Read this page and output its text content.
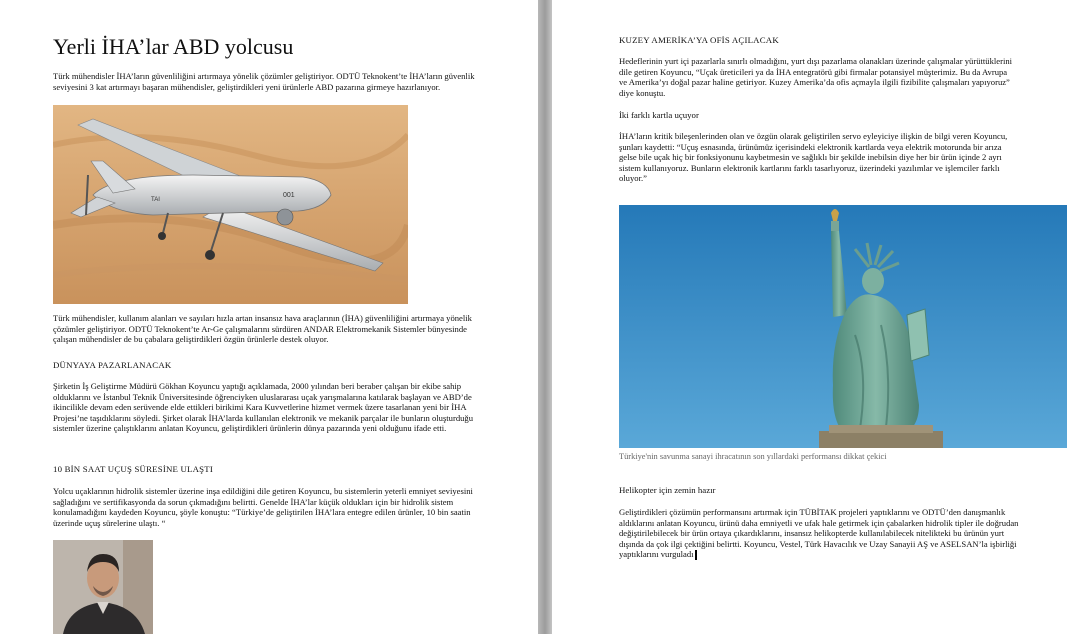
Yerli İHA’lar ABD yolcusu

Türk mühendisler İHA’ların güvenliliğini artırmaya yönelik çözümler geliştiriyor. ODTÜ Teknokent’te İHA’ların güvenlik seviyesini 3 kat artırmayı başaran mühendisler, geliştirdikleri yeni ürünlerle ABD pazarına girmeye hazırlanıyor.

001
TAI

Türk mühendisler, kullanım alanları ve sayıları hızla artan insansız hava araçlarının (İHA) güvenliliğini artırmaya yönelik çözümler geliştiriyor. ODTÜ Teknokent’te Ar-Ge çalışmalarını sürdüren ANDAR Elektromekanik Sistemler bünyesinde çalışan mühendisler de bu çabalara geliştirdikleri özgün ürünlerle destek oluyor.

DÜNYAYA PAZARLANACAK

Şirketin İş Geliştirme Müdürü Gökhan Koyuncu yaptığı açıklamada, 2000 yılından beri beraber çalışan bir ekibe sahip olduklarını ve İstanbul Teknik Üniversitesinde öğrenciyken uluslararası uçak yarışmalarına katılarak başlayan ve ABD’de ikincilikle devam eden serüvende elde ettikleri birikimi Kara Kuvvetlerine hizmet vermek üzere tasarlanan yeni bir İHA Projesi’ne taşıdıklarını söyledi. Şirket olarak İHA’larda kullanılan elektronik ve mekanik parçalar ile bunların oluşturduğu sistemler üzerine çalıştıklarını anlatan Koyuncu, geliştirdikleri ürünlerin dünya pazarında yeni olduğunu ifade etti.

10 BİN SAAT UÇUŞ SÜRESİNE ULAŞTI

Yolcu uçaklarının hidrolik sistemler üzerine inşa edildiğini dile getiren Koyuncu, bu sistemlerin yeterli emniyet seviyesini sağladığını ve sertifikasyonda da sorun çıkmadığını belirtti. Genelde İHA’lar küçük oldukları için bir hidrolik sistem konulamadığını kaydeden Koyuncu, şöyle konuştu: “Türkiye’de geliştirilen İHA’lara entegre edilen ürünler, 10 bin saatin üzerinde uçuş sürelerine ulaştı. “

KUZEY AMERİKA’YA OFİS AÇILACAK

Hedeflerinin yurt içi pazarlarla sınırlı olmadığını, yurt dışı pazarlama olanakları üzerinde çalışmalar yürüttüklerini dile getiren Koyuncu, “Uçak üreticileri ya da İHA entegratörü gibi firmalar potansiyel müşterimiz. Bu da Avrupa ve Amerika’yı doğal pazar haline getiriyor. Kuzey Amerika’da ofis açmayla ilgili fizibilite çalışmaları yapıyoruz” diye konuştu.

İki farklı kartla uçuyor

İHA’ların kritik bileşenlerinden olan ve özgün olarak geliştirilen servo eyleyiciye ilişkin de bilgi veren Koyuncu, şunları kaydetti: “Uçuş esnasında, ürünümüz içerisindeki elektronik kartlarda veya elektrik motorunda bir arıza gelse bile uçak hiç bir fonksiyonunu kaybetmesin ve sağlıklı bir şekilde inebilsin diye her bir ürün içinde 2 ayrı sistem kullanıyoruz. Bunların elektronik kartlarını farklı tasarlıyoruz, üzerindeki yazılımlar ve işlemciler farklı oluyor.”

Türkiye'nin savunma sanayi ihracatının son yıllardaki performansı dikkat çekici

Helikopter için zemin hazır

Geliştirdikleri çözümün performansını artırmak için TÜBİTAK projeleri yaptıklarını ve ODTÜ’den danışmanlık aldıklarını anlatan Koyuncu, ürünü daha emniyetli ve ufak hale getirmek için çabalarken hidrolik tipler ile doğrudan değiştirilebilecek bir ürün ortaya çıkardıklarını, insansız helikopterde kullanılabilecek nitelikteki bu ürünün yurt dışında da çok ilgi çektiğini belirtti. Koyuncu, Vestel, Türk Havacılık ve Uzay Sanayii AŞ ve ASELSAN’la işbirliği yaptıklarını vurguladı
